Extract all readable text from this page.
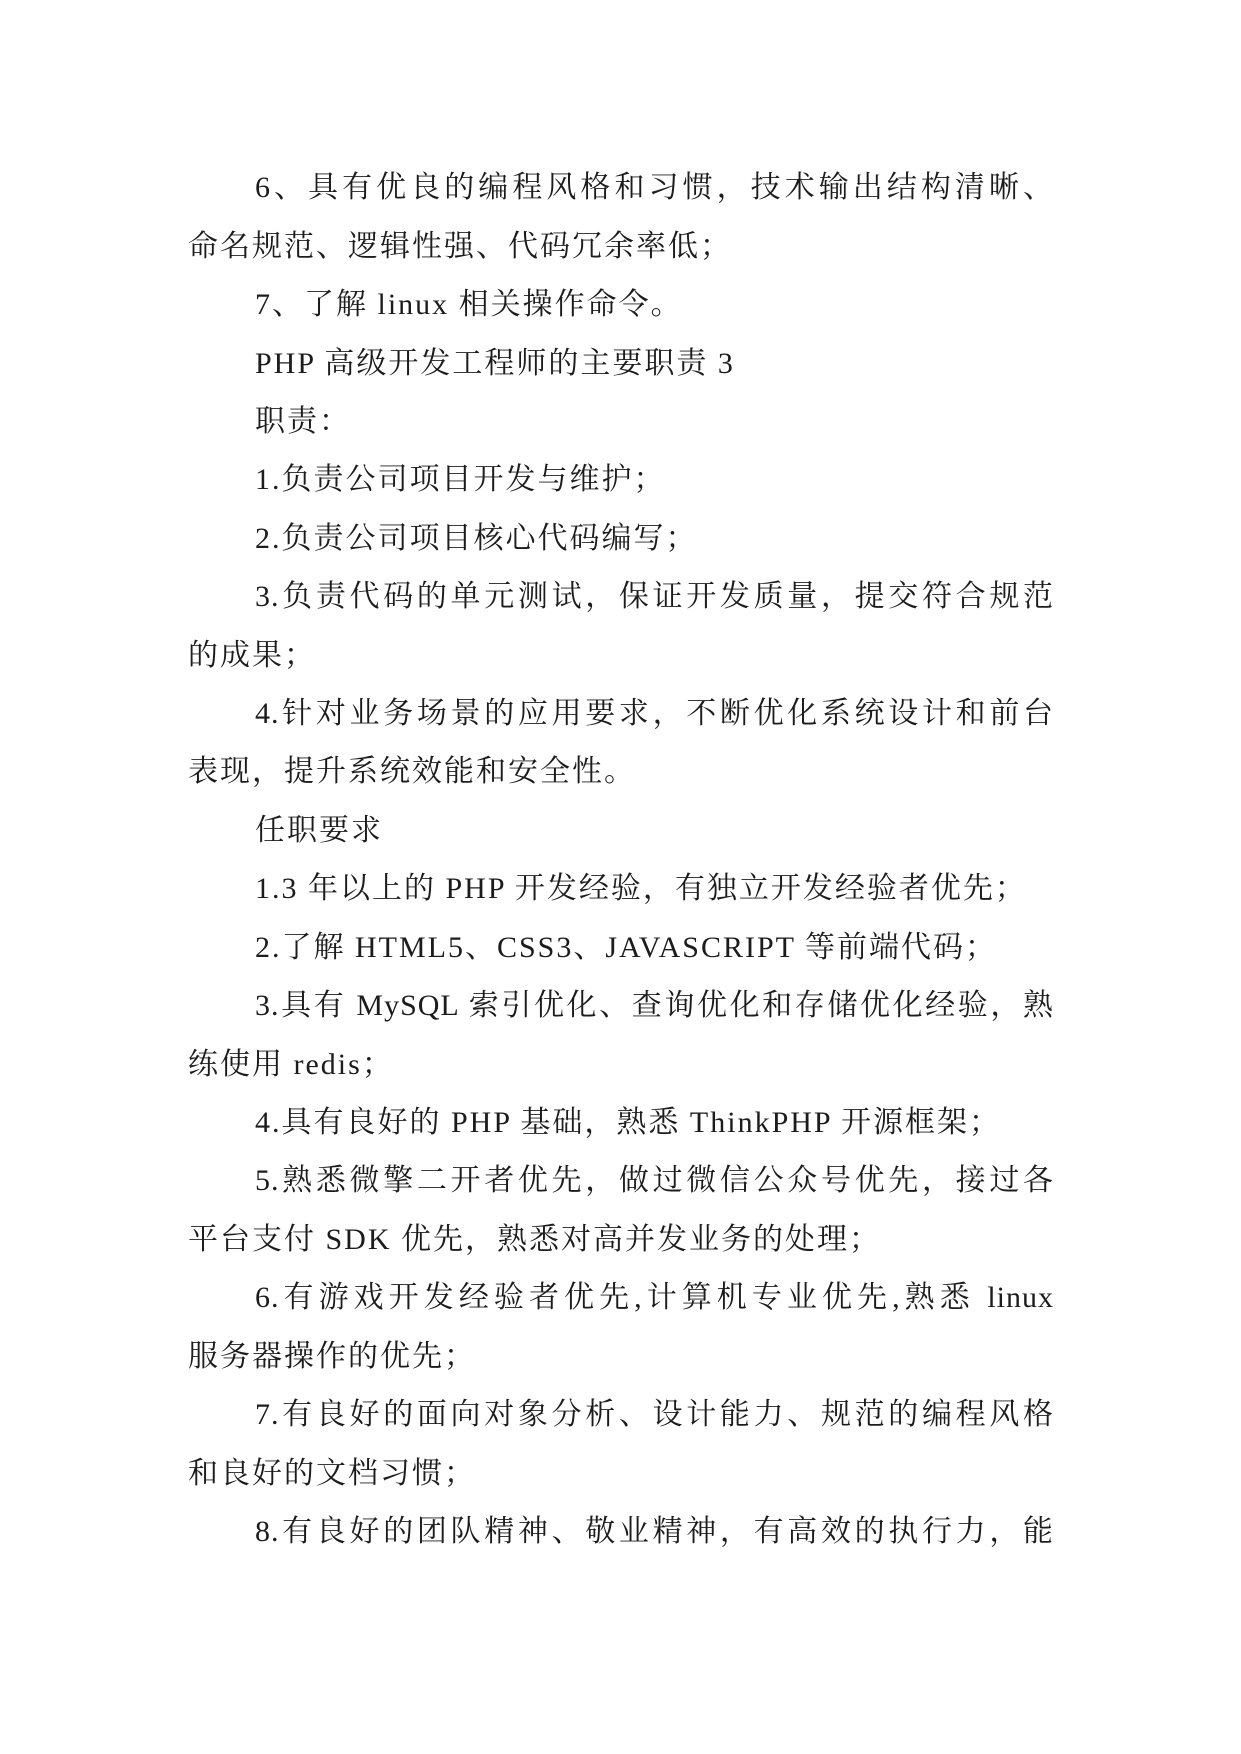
6、具有优良的编程风格和习惯，技术输出结构清晰、
命名规范、逻辑性强、代码冗余率低；
7、了解 linux 相关操作命令。
PHP 高级开发工程师的主要职责 3
职责：
1.负责公司项目开发与维护；
2.负责公司项目核心代码编写；
3.负责代码的单元测试，保证开发质量，提交符合规范
的成果；
4.针对业务场景的应用要求，不断优化系统设计和前台
表现，提升系统效能和安全性。
任职要求
1.3 年以上的 PHP 开发经验，有独立开发经验者优先；
2.了解 HTML5、CSS3、JAVASCRIPT 等前端代码；
3.具有 MySQL 索引优化、查询优化和存储优化经验，熟
练使用 redis；
4.具有良好的 PHP 基础，熟悉 ThinkPHP 开源框架；
5.熟悉微擎二开者优先，做过微信公众号优先，接过各
平台支付 SDK 优先，熟悉对高并发业务的处理；
6.有游戏开发经验者优先,计算机专业优先,熟悉 linux
服务器操作的优先；
7.有良好的面向对象分析、设计能力、规范的编程风格
和良好的文档习惯；
8.有良好的团队精神、敬业精神，有高效的执行力，能
